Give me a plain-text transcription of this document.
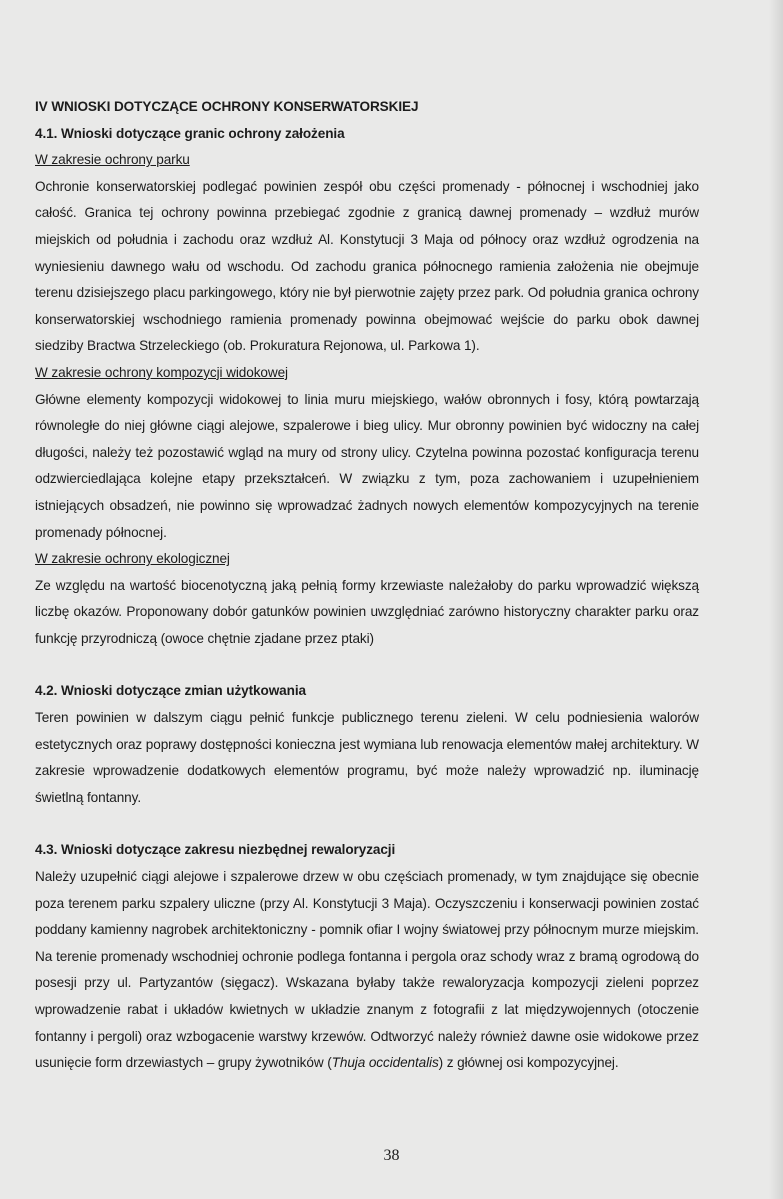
IV WNIOSKI DOTYCZĄCE OCHRONY KONSERWATORSKIEJ

4.1. Wnioski dotyczące granic ochrony założenia

W zakresie ochrony parku

Ochronie konserwatorskiej podlegać powinien zespół obu części promenady - północnej i wschodniej jako całość. Granica tej ochrony powinna przebiegać zgodnie z granicą dawnej promenady – wzdłuż murów miejskich od południa i zachodu oraz wzdłuż Al. Konstytucji 3 Maja od północy oraz wzdłuż ogrodzenia na wyniesieniu dawnego wału od wschodu. Od zachodu granica północnego ramienia założenia nie obejmuje terenu dzisiejszego placu parkingowego, który nie był pierwotnie zajęty przez park. Od południa granica ochrony konserwatorskiej wschodniego ramienia promenady powinna obejmować wejście do parku obok dawnej siedziby Bractwa Strzeleckiego (ob. Prokuratura Rejonowa, ul. Parkowa 1).

W zakresie ochrony kompozycji widokowej

Główne elementy kompozycji widokowej to linia muru miejskiego, wałów obronnych i fosy, którą powtarzają równoległe do niej główne ciągi alejowe, szpalerowe i bieg ulicy. Mur obronny powinien być widoczny na całej długości, należy też pozostawić wgląd na mury od strony ulicy. Czytelna powinna pozostać konfiguracja terenu odzwierciedlająca kolejne etapy przekształceń. W związku z tym, poza zachowaniem i uzupełnieniem istniejących obsadzeń, nie powinno się wprowadzać żadnych nowych elementów kompozycyjnych na terenie promenady północnej.

W zakresie ochrony ekologicznej

Ze względu na wartość biocenotyczną jaką pełnią formy krzewiaste należałoby do parku wprowadzić większą liczbę okazów. Proponowany dobór gatunków powinien uwzględniać zarówno historyczny charakter parku oraz funkcję przyrodniczą (owoce chętnie zjadane przez ptaki)

4.2. Wnioski dotyczące zmian użytkowania

Teren powinien w dalszym ciągu pełnić funkcje publicznego terenu zieleni. W celu podniesienia walorów estetycznych oraz poprawy dostępności konieczna jest wymiana lub renowacja elementów małej architektury. W zakresie wprowadzenie dodatkowych elementów programu, być może należy wprowadzić np. iluminację świetlną fontanny.

4.3. Wnioski dotyczące zakresu niezbędnej rewaloryzacji

Należy uzupełnić ciągi alejowe i szpalerowe drzew w obu częściach promenady, w tym znajdujące się obecnie poza terenem parku szpalery uliczne (przy Al. Konstytucji 3 Maja). Oczyszczeniu i konserwacji powinien zostać poddany kamienny nagrobek architektoniczny - pomnik ofiar I wojny światowej przy północnym murze miejskim. Na terenie promenady wschodniej ochronie podlega fontanna i pergola oraz schody wraz z bramą ogrodową do posesji przy ul. Partyzantów (sięgacz). Wskazana byłaby także rewaloryzacja kompozycji zieleni poprzez wprowadzenie rabat i układów kwietnych w układzie znanym z fotografii z lat międzywojennych (otoczenie fontanny i pergoli) oraz wzbogacenie warstwy krzewów. Odtworzyć należy również dawne osie widokowe przez usunięcie form drzewiastych – grupy żywotników (Thuja occidentalis) z głównej osi kompozycyjnej.

38
